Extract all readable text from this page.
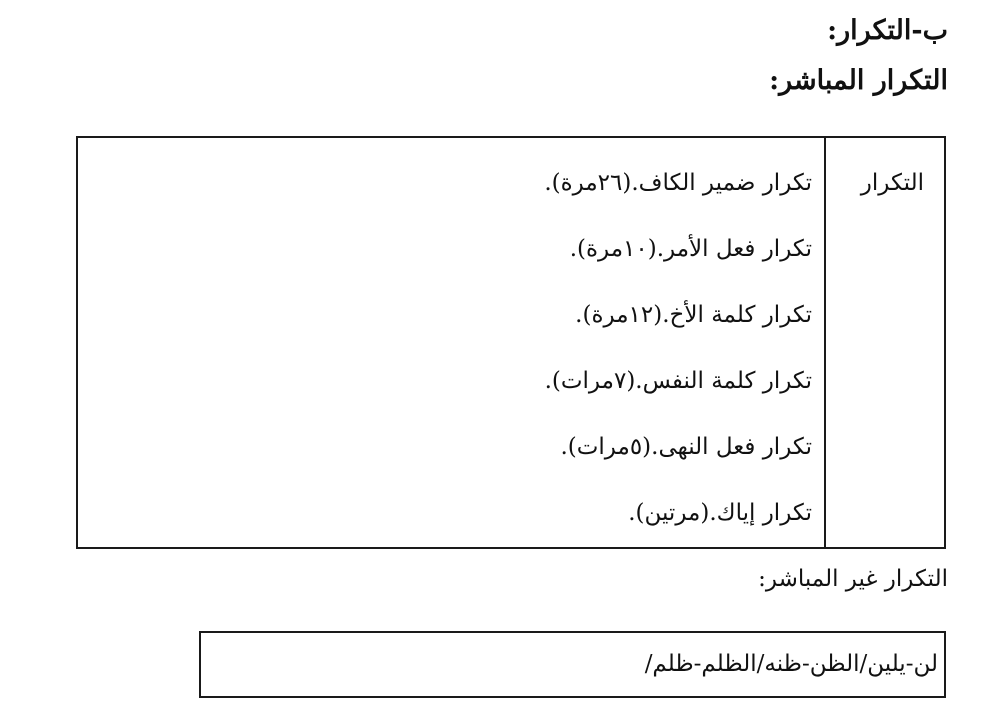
ب-التكرار:
التكرار المباشر:
التكرار
تكرار ضمير الكاف.(٢٦مرة).
تكرار فعل الأمر.(١٠مرة).
تكرار كلمة الأخ.(١٢مرة).
تكرار كلمة النفس.(٧مرات).
تكرار فعل النهى.(٥مرات).
تكرار إياك.(مرتين).
التكرار غير المباشر:
لن-يلين/الظن-ظنه/الظلم-ظلم/
